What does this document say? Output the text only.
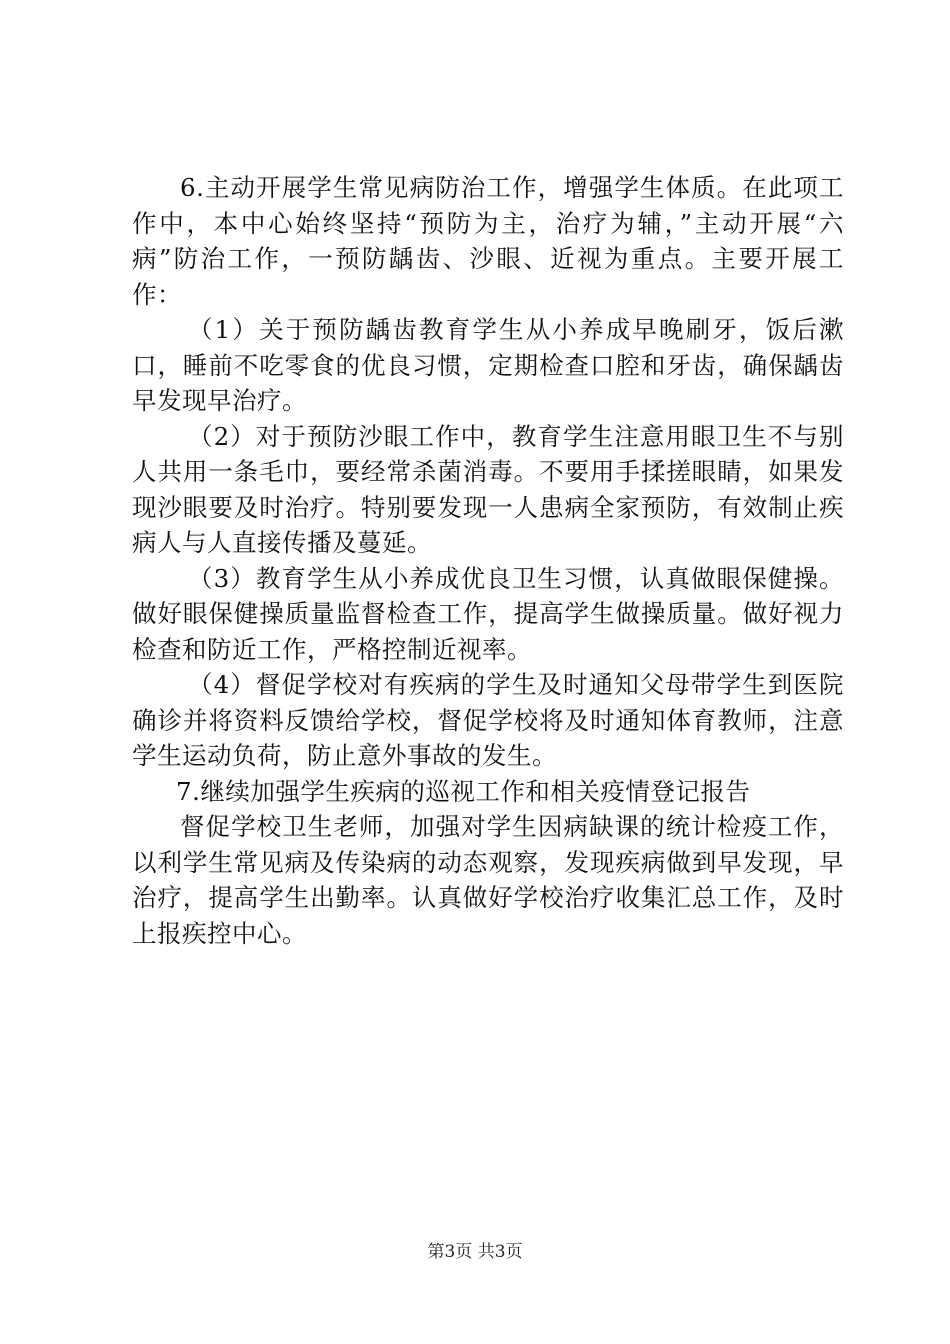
6.主动开展学生常见病防治工作，增强学生体质。在此项工作中，本中心始终坚持“预防为主，治疗为辅，”主动开展“六病”防治工作，一预防龋齿、沙眼、近视为重点。主要开展工作：

（1）关于预防龋齿教育学生从小养成早晚刷牙，饭后漱口，睡前不吃零食的优良习惯，定期检查口腔和牙齿，确保龋齿早发现早治疗。

（2）对于预防沙眼工作中，教育学生注意用眼卫生不与别人共用一条毛巾，要经常杀菌消毒。不要用手揉搓眼睛，如果发现沙眼要及时治疗。特别要发现一人患病全家预防，有效制止疾病人与人直接传播及蔓延。

（3）教育学生从小养成优良卫生习惯，认真做眼保健操。做好眼保健操质量监督检查工作，提高学生做操质量。做好视力检查和防近工作，严格控制近视率。

（4）督促学校对有疾病的学生及时通知父母带学生到医院确诊并将资料反馈给学校，督促学校将及时通知体育教师，注意学生运动负荷，防止意外事故的发生。

7.继续加强学生疾病的巡视工作和相关疫情登记报告

督促学校卫生老师，加强对学生因病缺课的统计检疫工作，以利学生常见病及传染病的动态观察，发现疾病做到早发现，早治疗，提高学生出勤率。认真做好学校治疗收集汇总工作，及时上报疾控中心。

第3页 共3页
